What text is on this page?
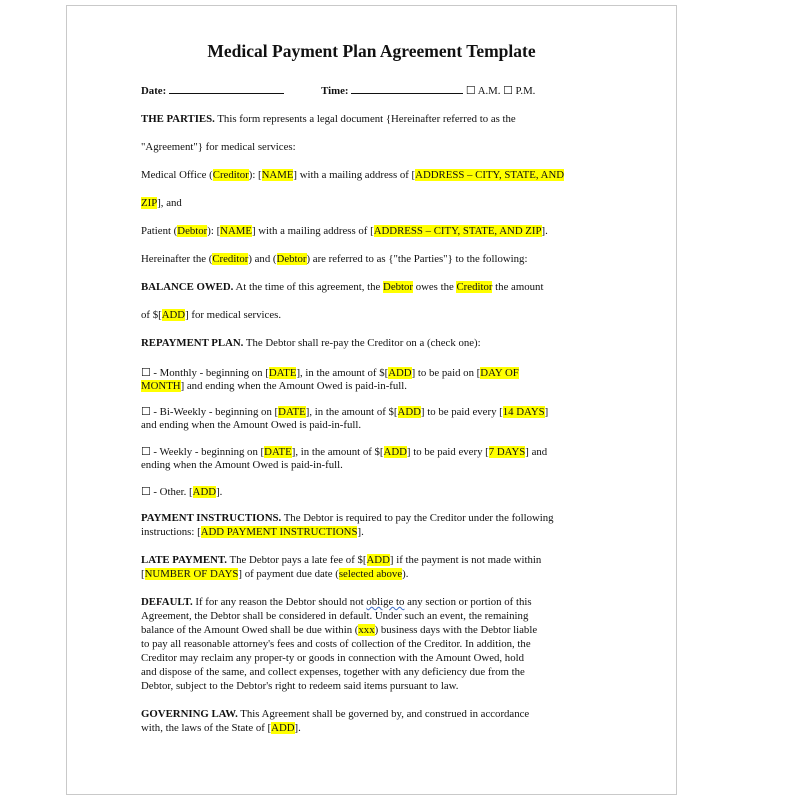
Medical Payment Plan Agreement Template
Date:	Time:	☐ A.M. ☐ P.M.
THE PARTIES. This form represents a legal document {Hereinafter referred to as the
"Agreement"} for medical services:
Medical Office (Creditor): [NAME] with a mailing address of [ADDRESS – CITY, STATE, AND
ZIP], and
Patient (Debtor): [NAME] with a mailing address of [ADDRESS – CITY, STATE, AND ZIP].
Hereinafter the (Creditor) and (Debtor) are referred to as {"the Parties"} to the following:
BALANCE OWED. At the time of this agreement, the Debtor owes the Creditor the amount
of $[ADD] for medical services.
REPAYMENT PLAN. The Debtor shall re-pay the Creditor on a (check one):
☐ - Monthly - beginning on [DATE], in the amount of $[ADD] to be paid on [DAY OF
MONTH] and ending when the Amount Owed is paid-in-full.
☐ - Bi-Weekly - beginning on [DATE], in the amount of $[ADD] to be paid every [14 DAYS]
and ending when the Amount Owed is paid-in-full.
☐ - Weekly - beginning on [DATE], in the amount of $[ADD] to be paid every [7 DAYS] and
ending when the Amount Owed is paid-in-full.
☐ - Other. [ADD].
PAYMENT INSTRUCTIONS. The Debtor is required to pay the Creditor under the following
instructions: [ADD PAYMENT INSTRUCTIONS].
LATE PAYMENT. The Debtor pays a late fee of $[ADD] if the payment is not made within
[NUMBER OF DAYS] of payment due date (selected above).
DEFAULT. If for any reason the Debtor should not oblige to any section or portion of this
Agreement, the Debtor shall be considered in default. Under such an event, the remaining
balance of the Amount Owed shall be due within (xxx) business days with the Debtor liable
to pay all reasonable attorney's fees and costs of collection of the Creditor. In addition, the
Creditor may reclaim any proper-ty or goods in connection with the Amount Owed, hold
and dispose of the same, and collect expenses, together with any deficiency due from the
Debtor, subject to the Debtor's right to redeem said items pursuant to law.
GOVERNING LAW. This Agreement shall be governed by, and construed in accordance
with, the laws of the State of [ADD].
